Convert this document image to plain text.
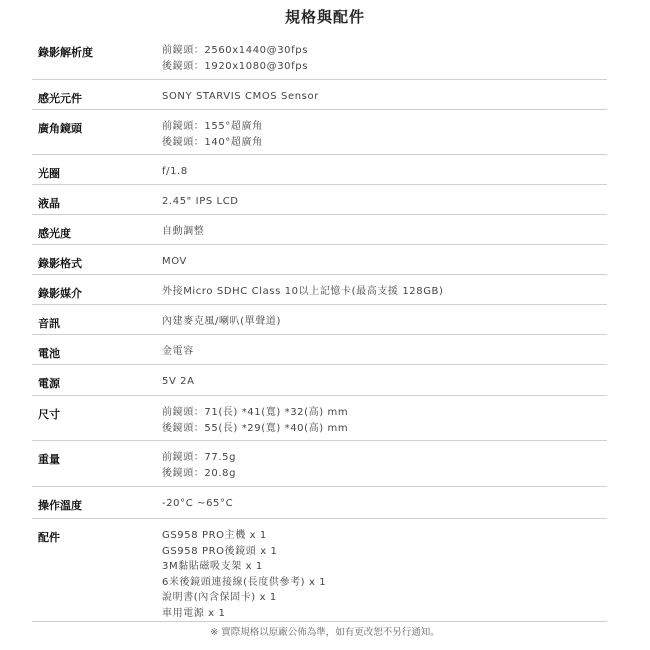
規格與配件
錄影解析度	前鏡頭：2560x1440@30fps
後鏡頭：1920x1080@30fps
感光元件	SONY STARVIS CMOS Sensor
廣角鏡頭	前鏡頭：155°超廣角
後鏡頭：140°超廣角
光圈	f/1.8
液晶	2.45" IPS LCD
感光度	自動調整
錄影格式	MOV
錄影媒介	外接Micro SDHC Class 10以上記憶卡(最高支援 128GB)
音訊	內建麥克風/喇叭(單聲道)
電池	金電容
電源	5V 2A
尺寸	前鏡頭：71(長) *41(寬) *32(高) mm
後鏡頭：55(長) *29(寬) *40(高) mm
重量	前鏡頭：77.5g
後鏡頭：20.8g
操作溫度	-20°C ~65°C
配件	GS958 PRO主機 x 1
GS958 PRO後鏡頭 x 1
3M黏貼磁吸支架 x 1
6米後鏡頭連接線(長度供參考) x 1
說明書(內含保固卡) x 1
車用電源 x 1
※ 實際規格以原廠公佈為準，如有更改恕不另行通知。
